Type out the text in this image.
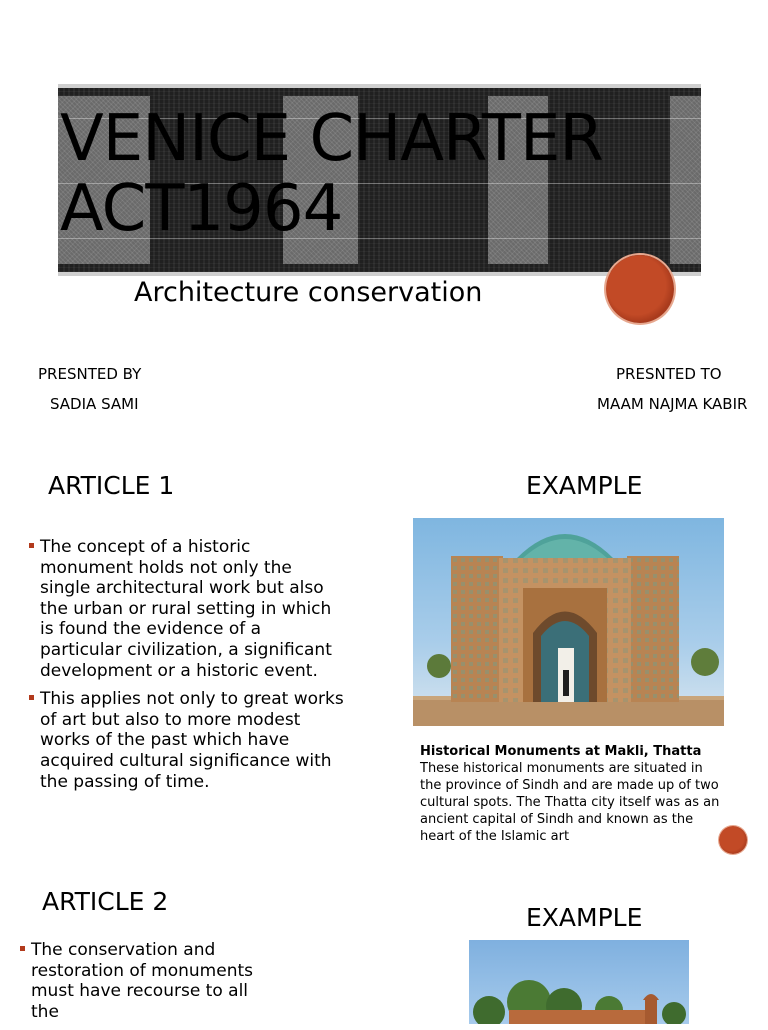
VENICE CHARTER
ACT1964
Architecture conservation
PRESNTED BY
SADIA SAMI
PRESNTED TO
MAAM NAJMA KABIR
ARTICLE 1
The concept of a historic monument holds not only the single architectural work but also the urban or rural setting in which is found the evidence of a particular civilization, a significant development or a historic event.
This applies not only to great works of art but also to more modest works of the past which have acquired cultural significance with the passing of time.
EXAMPLE
Historical Monuments at Makli, Thatta
These historical monuments are situated in the province of Sindh and are made up of two cultural spots. The Thatta city itself was as an ancient capital of Sindh and known as the heart of the Islamic art
ARTICLE 2
The conservation and restoration of monuments must have recourse to all the
EXAMPLE
